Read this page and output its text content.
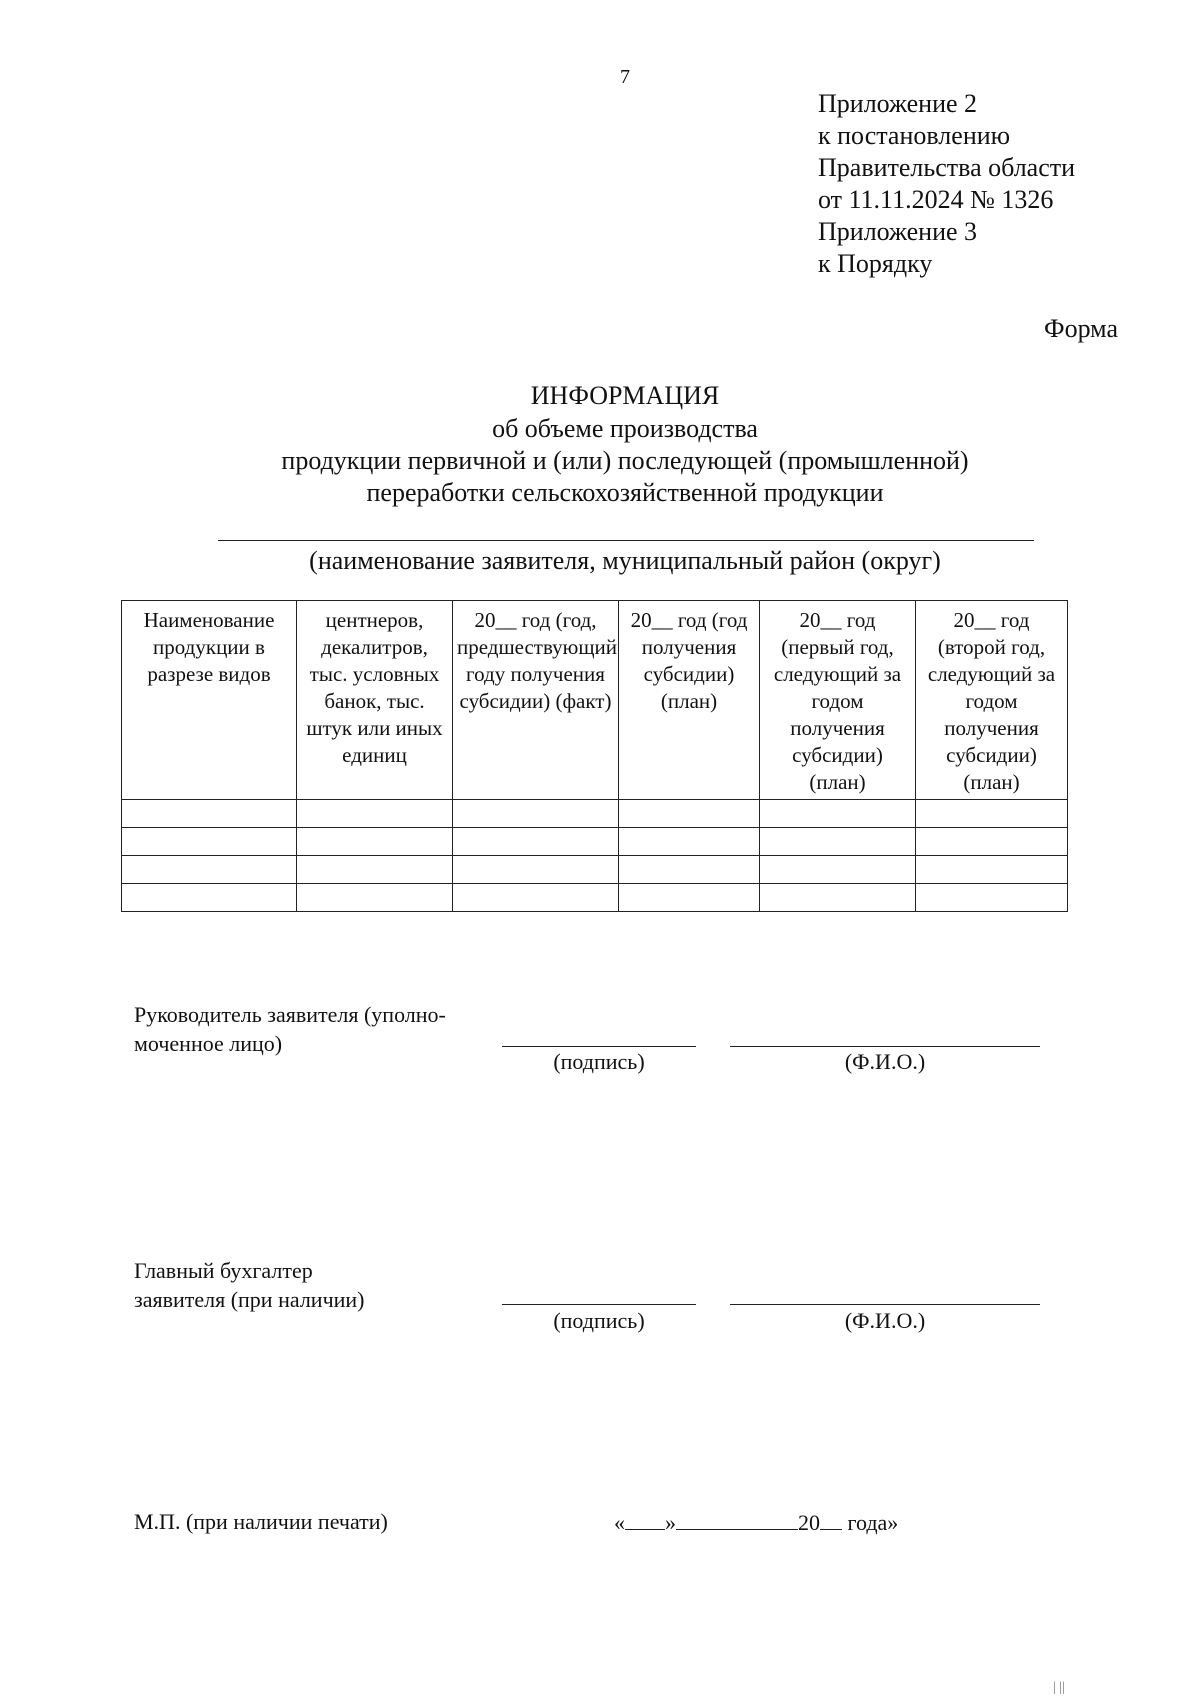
7
Приложение 2
к постановлению
Правительства области
от 11.11.2024 № 1326
Приложение 3
к Порядку
Форма
ИНФОРМАЦИЯ
об объеме производства
продукции первичной и (или) последующей (промышленной)
переработки сельскохозяйственной продукции
(наименование заявителя, муниципальный район (округ)
Наименование продукции в разрезе видов	центнеров, декалитров, тыс. условных банок, тыс. штук или иных единиц	20__ год (год, предшествующий году получения субсидии) (факт)	20__ год (год получения субсидии) (план)	20__ год (первый год, следующий за годом получения субсидии) (план)	20__ год (второй год, следующий за годом получения субсидии) (план)

Руководитель заявителя (уполно-
моченное лицо)
(подпись)	(Ф.И.О.)
Главный бухгалтер
заявителя (при наличии)
(подпись)	(Ф.И.О.)
М.П. (при наличии печати)	« »	20 года»
| ||
